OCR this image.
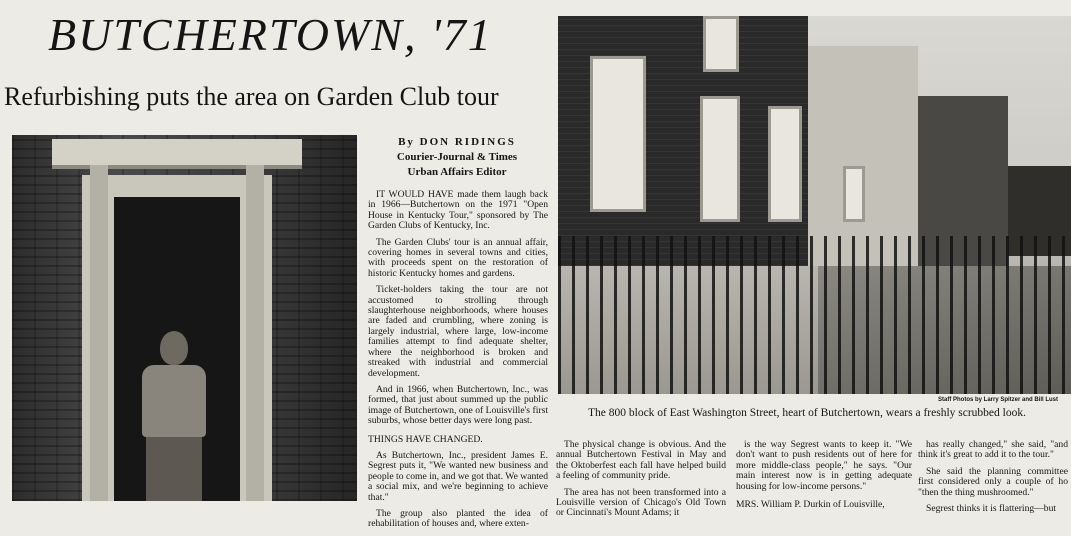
BUTCHERTOWN, '71
Refurbishing puts the area on Garden Club tour
By DON RIDINGS
Courier-Journal & Times
Urban Affairs Editor

IT WOULD HAVE made them laugh back in 1966—Butchertown on the 1971 "Open House in Kentucky Tour," sponsored by The Garden Clubs of Kentucky, Inc.

The Garden Clubs' tour is an annual affair, covering homes in several towns and cities, with proceeds spent on the restoration of historic Kentucky homes and gardens.

Ticket-holders taking the tour are not accustomed to strolling through slaughterhouse neighborhoods, where houses are faded and crumbling, where zoning is largely industrial, where large, low-income families attempt to find adequate shelter, where the neighborhood is broken and streaked with industrial and commercial development.

And in 1966, when Butchertown, Inc., was formed, that just about summed up the public image of Butchertown, one of Louisville's first suburbs, whose better days were long past.

THINGS HAVE CHANGED.

As Butchertown, Inc., president James E. Segrest puts it, "We wanted new business and people to come in, and we got that. We wanted a social mix, and we're beginning to achieve that."

The group also planted the idea of rehabilitation of houses and, where exten-

Staff Photos by Larry Spitzer and Bill Lust
The 800 block of East Washington Street, heart of Butchertown, wears a freshly scrubbed look.

The physical change is obvious. And the annual Butchertown Festival in May and the Oktoberfest each fall have helped build a feeling of community pride.

The area has not been transformed into a Louisville version of Chicago's Old Town or Cincinnati's Mount Adams; it

is the way Segrest wants to keep it. "We don't want to push residents out of here for more middle-class people," he says. "Our main interest now is in getting adequate housing for low-income persons."

MRS. William P. Durkin of Louisville,

has really changed," she said, "and think it's great to add it to the tour."

She said the planning committee first considered only a couple of ho "then the thing mushroomed."

Segrest thinks it is flattering—but
